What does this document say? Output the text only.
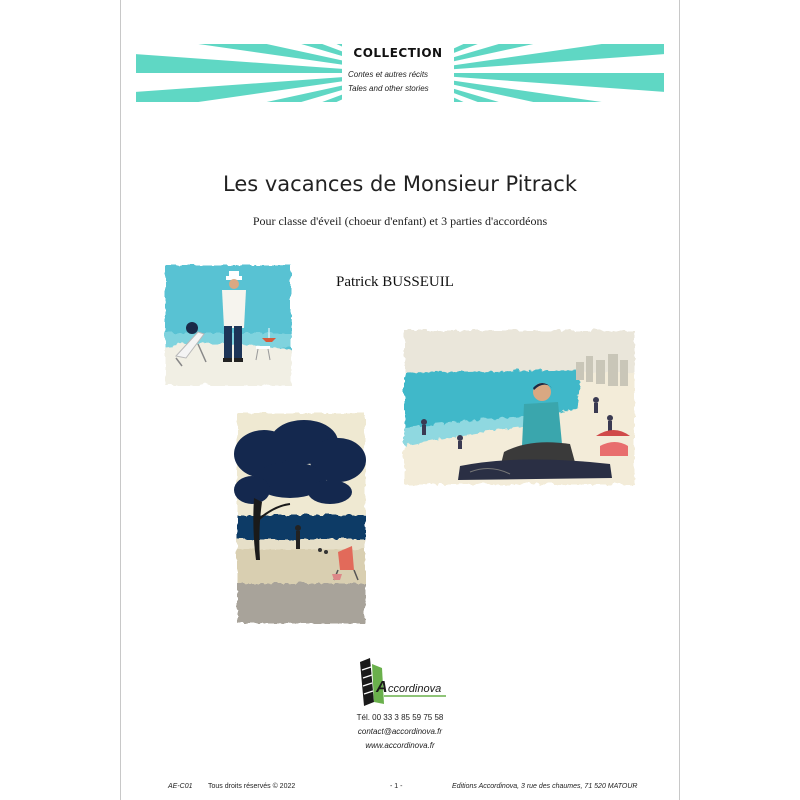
COLLECTION
Contes et autres récits
Tales and other stories
Les vacances de Monsieur Pitrack
Pour classe d'éveil (choeur d'enfant) et 3 parties d'accordéons
Patrick BUSSEUIL
A ccordinova
Tél. 00 33 3 85 59 75 58
contact@accordinova.fr
www.accordinova.fr
AE-C01 Tous droits réservés © 2022	- 1 -	Editions Accordinova, 3 rue des chaumes, 71 520 MATOUR
